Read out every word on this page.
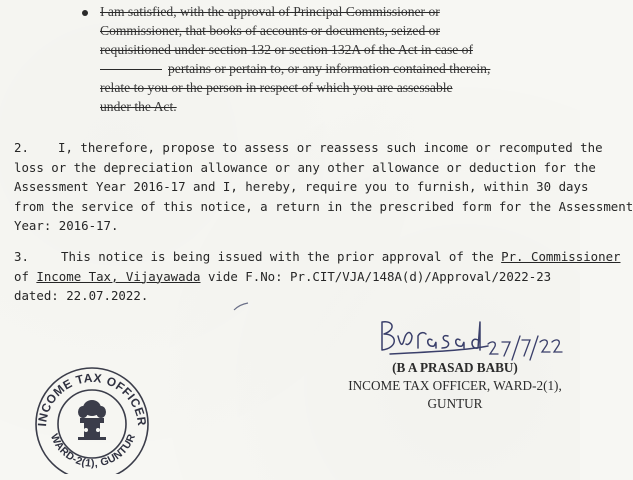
I am satisfied, with the approval of Principal Commissioner or
Commissioner, that books of accounts or documents, seized or
requisitioned under section 132 or section 132A of the Act in case of
pertains or pertain to, or any information contained therein,
relate to you or the person in respect of which you are assessable
under the Act.
2. I, therefore, propose to assess or reassess such income or recomputed the
loss or the depreciation allowance or any other allowance or deduction for the
Assessment Year 2016-17 and I, hereby, require you to furnish, within 30 days
from the service of this notice, a return in the prescribed form for the Assessment
Year: 2016-17.
3.	This notice is being issued with the prior approval of the Pr. Commissioner
of Income Tax, Vijayawada vide F.No: Pr.CIT/VJA/148A(d)/Approval/2022-23
dated: 22.07.2022.
(B A PRASAD BABU)
INCOME TAX OFFICER, WARD-2(1),
GUNTUR
INCOME TAX OFFICER
WARD-2(1), GUNTUR
